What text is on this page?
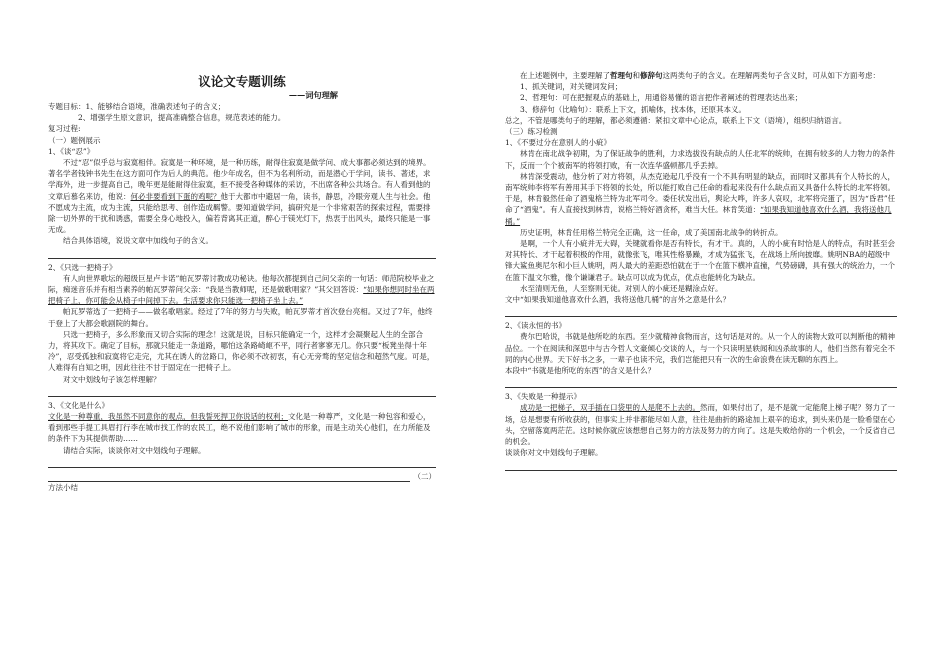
议论文专题训练
——词句理解

专题目标：1、能够结合语境，准确表述句子的含义；

2、增强学生原文意识，提高准确整合信息，规范表述的能力。

复习过程:

（一）题例展示

1、《谈“忍”》

不过“忍”似乎总与寂寞相伴。寂寞是一种环境，是一种历练，耐得住寂寞是做学问、成大事都必须达到的境界。著名学者钱钟书先生在这方面可作为后人的典范。他少年成名，但不为名利所动，而是潜心于学问，读书、著述，求学海外，进一步提高自己，晚年更是能耐得住寂寞，拒不接受各种媒体的采访，不出席各种公共场合。有人看到他的文章后慕名来访，他说：何必非要看到下蛋的鸡呢？他于大都市中避居一角，读书，静思，冷眼旁观人生与社会。他不愿成为主流，成为主流，只能给思考、创作造成羁警。要知道做学问，搞研究是一个非常艰苦的探索过程，需要排除一切外界的干扰和诱惑，需要全身心地投入，偏若背离其正道，醉心于镁光灯下，热衷于出风头，最终只能是一事无成。

结合具体语境，说说文章中加线句子的含义。

2、《只选一把椅子》

有人向世界歌坛的超级巨星卢卡诺”帕瓦罗蒂讨教成功秘诀。他每次都提到自己问父亲的一句话：师范院校毕业之际，痴迷音乐并有相当素养的帕瓦罗蒂问父亲：“我是当教师呢，还是做歌唱家？”其父回答说：“如果你想同时坐在两把椅子上，你可能会从椅子中间掉下去。生活要求你只能选一把椅子坐上去。”

帕瓦罗蒂选了一把椅子——做名歌唱家。经过了7年的努力与失败，帕瓦罗蒂才首次登台亮相。又过了7年，他终于登上了大都会歌剧院的舞台。

只选一把椅子，多么形象而又切合实际的理念！这就是说，目标只能确定一个，这样才会凝聚起人生的全部合力，将其攻下。确定了目标，那就只能走一条道路，哪怕这条路崎岖不平，同行者寥寥无几。你只要“板凳坐得十年冷”，忍受孤独和寂寞将它走完，尤其在诱人的岔路口，你必须不改初衷，有心无旁骛的坚定信念和超然气度。可是，人难得有自知之明，因此往往不甘于固定在一把椅子上。

对文中划线句子该怎样理解？

3、《文化是什么》

文化是一种尊重，我虽然不同意你的观点，但我誓死捍卫你说话的权利；文化是一种尊严，文化是一种包容和爱心，看到那些手提工具眉打行李在城市找工作的农民工，绝不说他们影响了城市的形象，而是主动关心他们，在力所能及的条件下为其提供帮助……

请结合实际，谈谈你对文中划线句子理解。

（二）

方法小结

在上述题例中，主要理解了哲理句和修辞句这两类句子的含义。在理解两类句子含义时，可从如下方面考虑：

1、抓关键词，对关键词发问；

2、哲理句：可在把握观点的基础上，用通俗易懂的语言把作者阐述的哲理表达出来；

3、修辞句（比喻句）：联系上下文，抓喻体，找本体，还原其本义。

总之，不管是哪类句子的理解，都必须遵循：紧扣文章中心论点，联系上下文（语境），组织归纳语言。

（三）练习检测

1、《不要过分在意别人的小疵》

林肯在南北战争初期，为了保证战争的胜利，力求选拔没有缺点的人任北军的统帅，在拥有较多的人力物力的条件下，反而一个个被南军的将领打败，有一次连华盛顿都几乎丢掉。

林肯深受震动，他分析了对方将领，从杰克逊起几乎没有一个不具有明显的缺点，而同时又都具有个人特长的人，南军统帅李将军有善用其手下将领的长处，所以能打败自己任命的看起来没有什么缺点而又具备什么特长的北军将领。于是，林肯毅然任命了酒鬼格兰特为北军司令。委任状发出后，舆论大哗，许多人哀叹，北军将完蛋了，因为“昏君”任命了“酒鬼”。有人直接找到林肯，说格兰特好酒贪杯，难当大任。林肯笑道：“如果我知道他喜欢什么酒，我将送他几桶。”

历史证明，林肯任用格兰特完全正确，这一任命，成了美国南北战争的转折点。

是啊，一个人有小疵并无大碍，关键就看你是否有特长，有才干。真的，人的小疵有时恰是人的特点，有时甚至会对其特长、才干起着积极的作用，就像张飞，唯其性格暴躁，才成为猛张飞，在战场上所向披靡。姚明NBA的超级中锋大鲨鱼奥尼尔和小巨人姚明，两人最大的差距恐怕就在于一个在篮下横冲直撞，气势磅礴，具有强大的统治力，一个在篮下温文尔雅，像个谦谦君子。缺点可以成为优点，优点也能转化为缺点。

水至清则无鱼，人至察则无徒。对别人的小疵还是糊涂点好。

文中“如果我知道他喜欢什么酒，我将送他几桶”的言外之意是什么？

2、《读永恒的书》

费尔巴哈说，书就是他所吃的东西。至少就精神食物而言，这句话是对的。从一个人的读物大致可以判断他的精神品位。一个在阅读和深思中与古今哲人文豪倾心交谈的人，与一个只读明星轶闻和凶杀故事的人，他们当然有着完全不同的内心世界。天下好书之多，一辈子也读不完，我们岂能把只有一次的生命浪费在读无聊的东西上。

本段中“书就是他所吃的东西”的含义是什么？

3、《失败是一种提示》

成功是一把梯子，双手插在口袋里的人是爬不上去的。然而，如果付出了，是不是就一定能爬上梯子呢？努力了一场，总是想要有所收获的，但事实上并非都能尽如人意，往往是曲折的路途加上艰辛的追求，到头来仍是一脸希望在心头，空留落寞两茫茫。这时候你就应该想想自己努力的方法及努力的方向了。这是失败给你的一个机会，一个反省自己的机会。

谈谈你对文中划线句子理解。
